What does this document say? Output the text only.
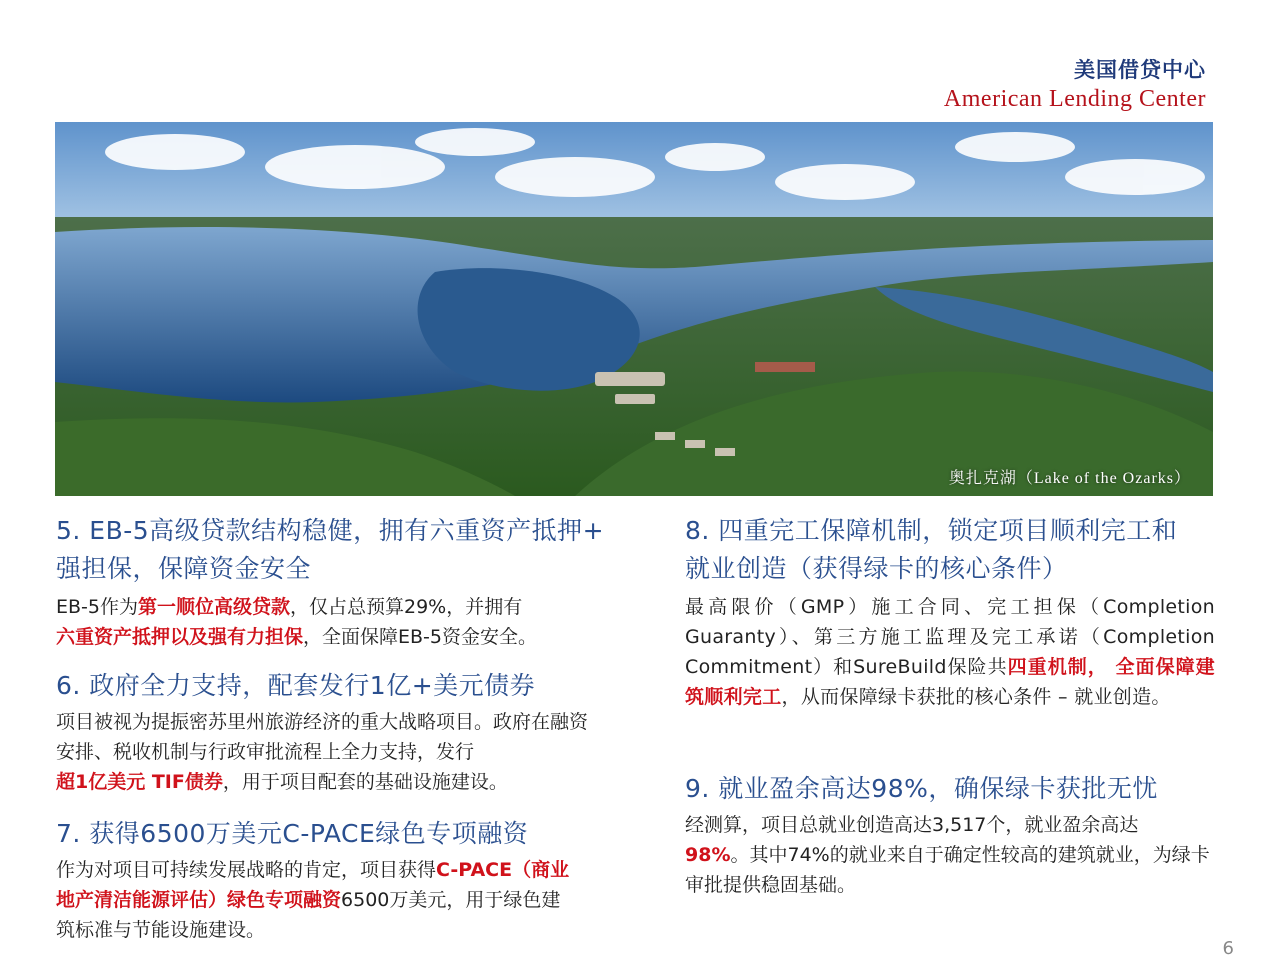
美国借贷中心
American Lending Center
奥扎克湖（Lake of the Ozarks）
5. EB-5高级贷款结构稳健，拥有六重资产抵押+
强担保，保障资金安全

EB-5作为第一顺位高级贷款，仅占总预算29%，并拥有
六重资产抵押以及强有力担保，全面保障EB-5资金安全。

6. 政府全力支持，配套发行1亿+美元债券

项目被视为提振密苏里州旅游经济的重大战略项目。政府在融资安排、税收机制与行政审批流程上全力支持，发行
超1亿美元 TIF债券，用于项目配套的基础设施建设。

7. 获得6500万美元C-PACE绿色专项融资

作为对项目可持续发展战略的肯定，项目获得C-PACE（商业地产清洁能源评估）绿色专项融资6500万美元，用于绿色建筑标准与节能设施建设。

8. 四重完工保障机制，锁定项目顺利完工和
就业创造（获得绿卡的核心条件）

最高限价（GMP）施工合同、完工担保（Completion Guaranty）、第三方施工监理及完工承诺（Completion Commitment）和SureBuild保险共四重机制， 全面保障建筑顺利完工，从而保障绿卡获批的核心条件 – 就业创造。

9. 就业盈余高达98%，确保绿卡获批无忧

经测算，项目总就业创造高达3,517个，就业盈余高达
98%。其中74%的就业来自于确定性较高的建筑就业，为绿卡审批提供稳固基础。

6
